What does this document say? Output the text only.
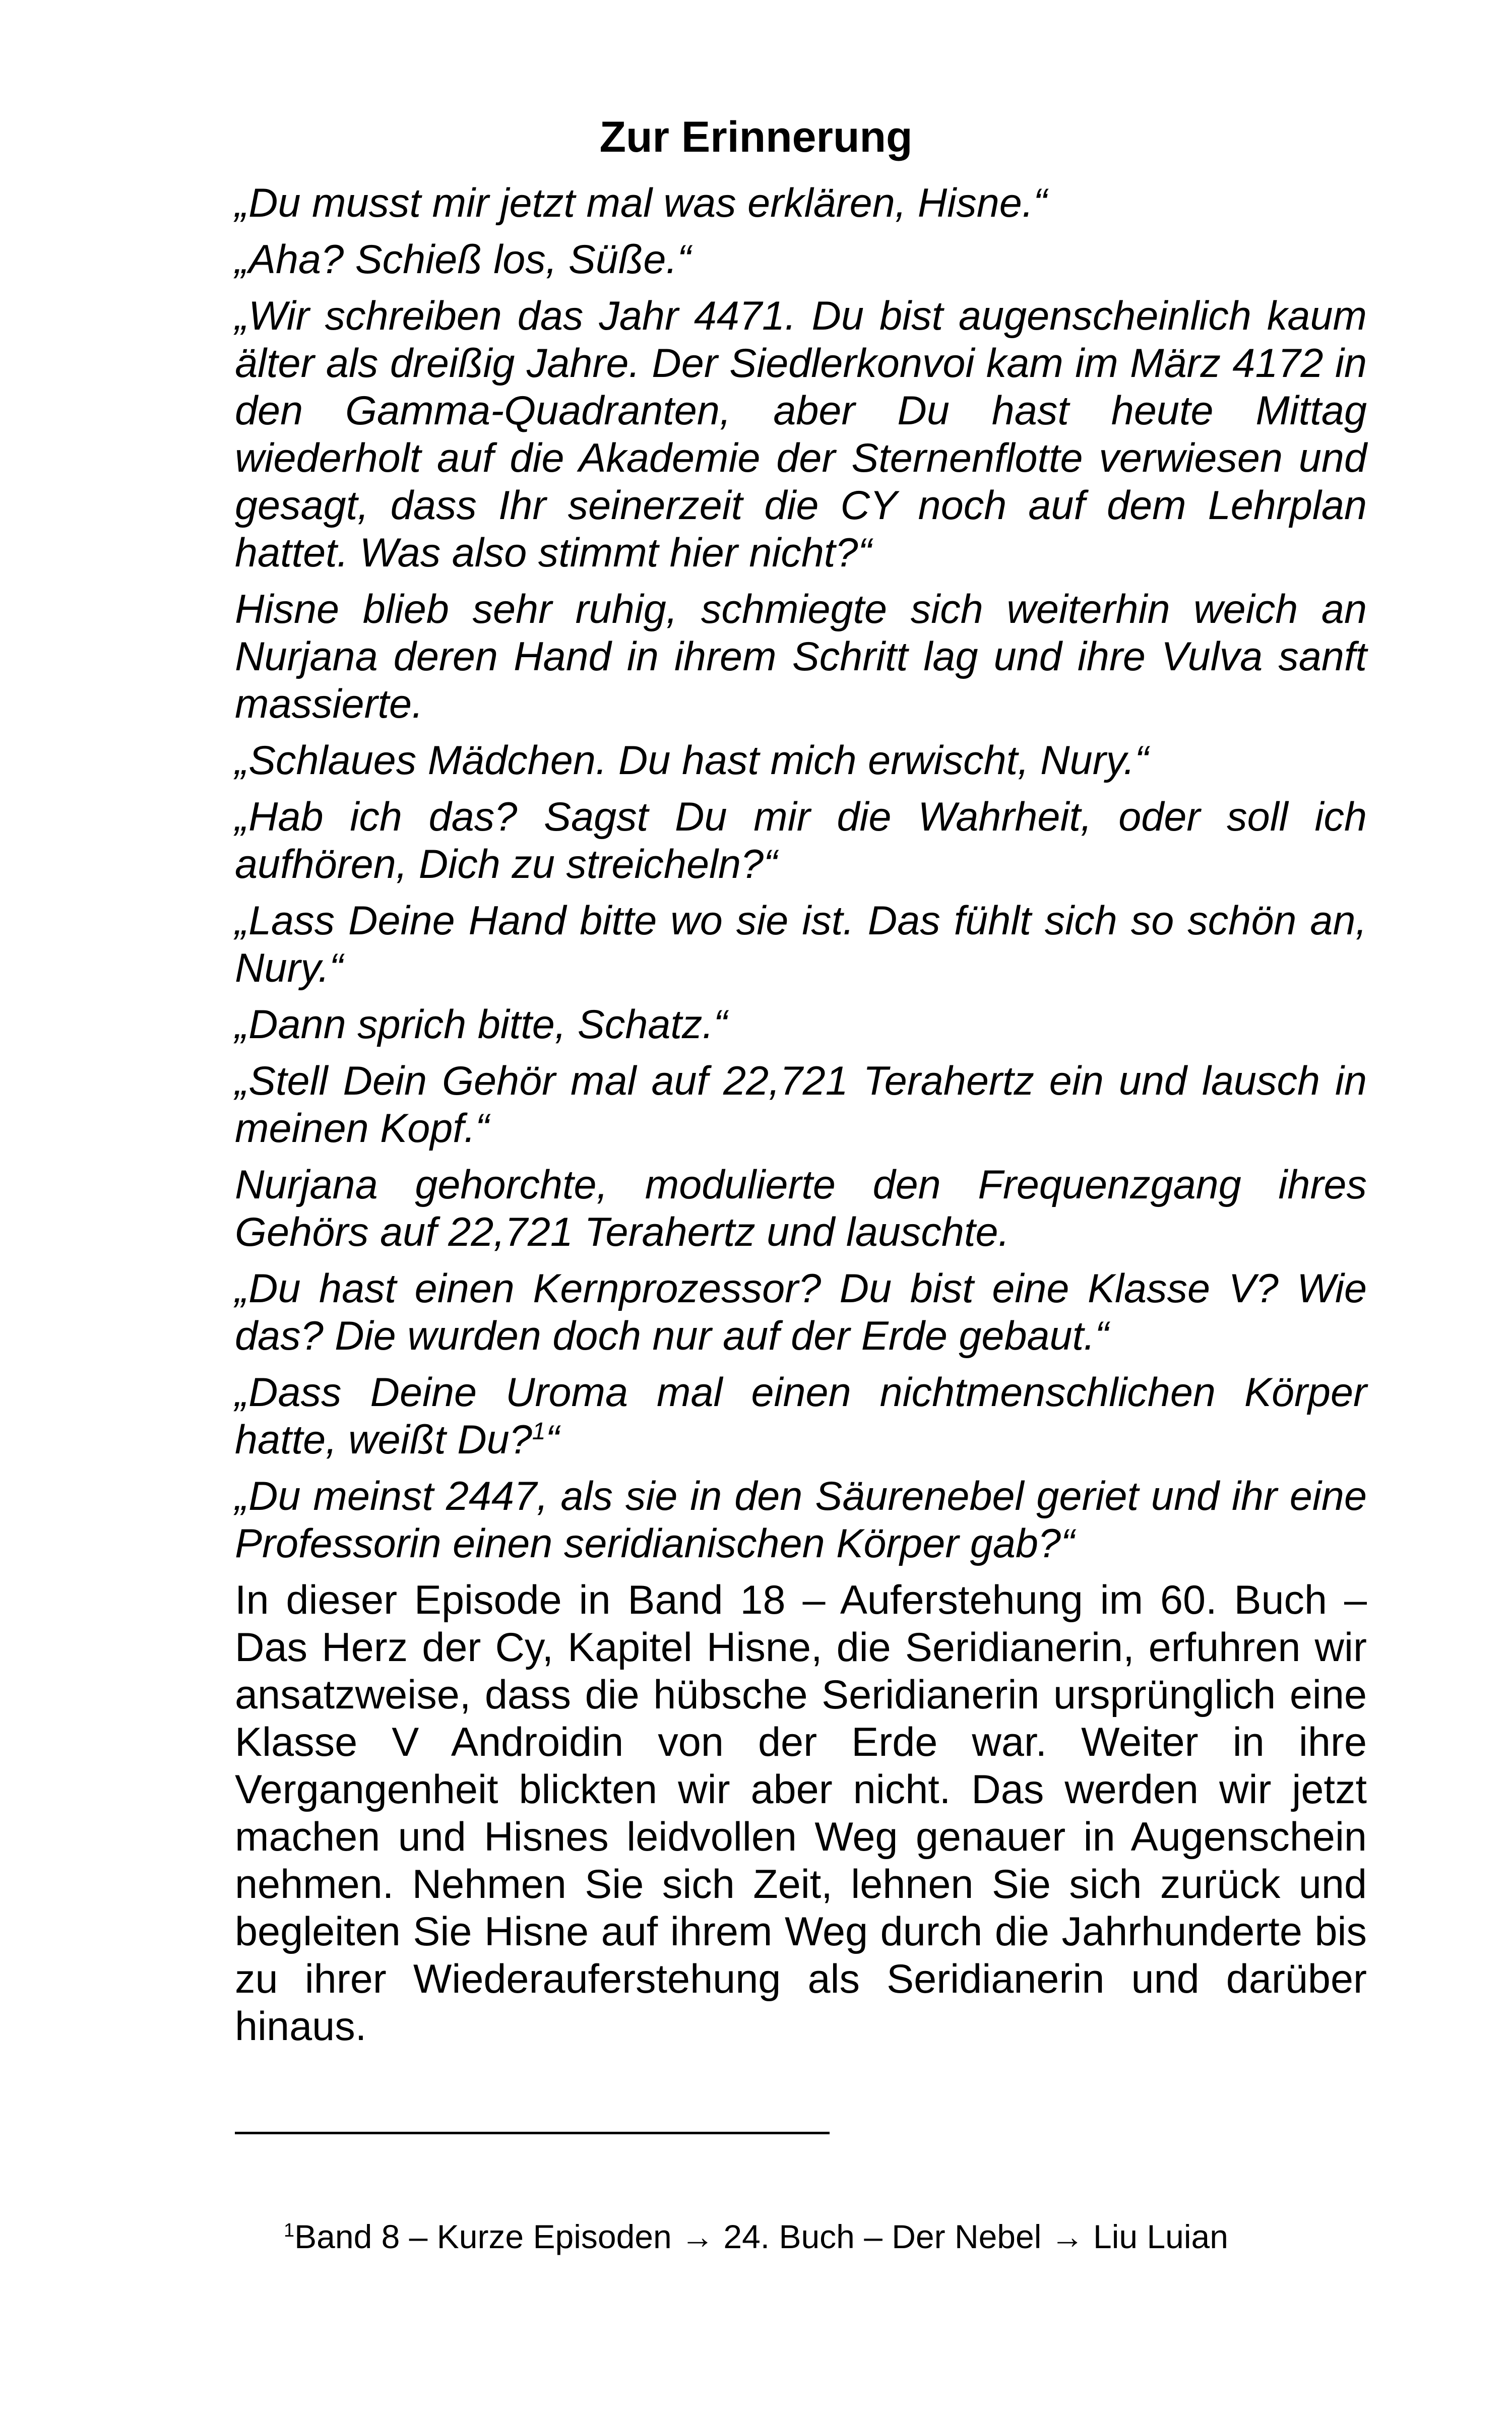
Zur Erinnerung

„Du musst mir jetzt mal was erklären, Hisne.“

„Aha? Schieß los, Süße.“

„Wir schreiben das Jahr 4471. Du bist augenscheinlich kaum älter als dreißig Jahre. Der Siedlerkonvoi kam im März 4172 in den Gamma-Quadranten, aber Du hast heute Mittag wiederholt auf die Akademie der Sternenflotte verwiesen und gesagt, dass Ihr seinerzeit die CY noch auf dem Lehrplan hattet. Was also stimmt hier nicht?“

Hisne blieb sehr ruhig, schmiegte sich weiterhin weich an Nurjana deren Hand in ihrem Schritt lag und ihre Vulva sanft massierte.

„Schlaues Mädchen. Du hast mich erwischt, Nury.“

„Hab ich das? Sagst Du mir die Wahrheit, oder soll ich aufhören, Dich zu streicheln?“

„Lass Deine Hand bitte wo sie ist. Das fühlt sich so schön an, Nury.“

„Dann sprich bitte, Schatz.“

„Stell Dein Gehör mal auf 22,721 Terahertz ein und lausch in meinen Kopf.“

Nurjana gehorchte, modulierte den Frequenzgang ihres Gehörs auf 22,721 Terahertz und lauschte.

„Du hast einen Kernprozessor? Du bist eine Klasse V? Wie das? Die wurden doch nur auf der Erde gebaut.“

„Dass Deine Uroma mal einen nichtmenschlichen Körper hatte, weißt Du?$^1$“

„Du meinst 2447, als sie in den Säurenebel geriet und ihr eine Professorin einen seridianischen Körper gab?“

In dieser Episode in Band 18 – Auferstehung im 60. Buch – Das Herz der Cy, Kapitel Hisne, die Seridianerin, erfuhren wir ansatzweise, dass die hübsche Seridianerin ursprünglich eine Klasse V Androidin von der Erde war. Weiter in ihre Vergangenheit blickten wir aber nicht. Das werden wir jetzt machen und Hisnes leidvollen Weg genauer in Augenschein nehmen. Nehmen Sie sich Zeit, lehnen Sie sich zurück und begleiten Sie Hisne auf ihrem Weg durch die Jahrhunderte bis zu ihrer Wiederauferstehung als Seridianerin und darüber hinaus.

$^1$Band 8 – Kurze Episoden → 24. Buch – Der Nebel → Liu Luian
